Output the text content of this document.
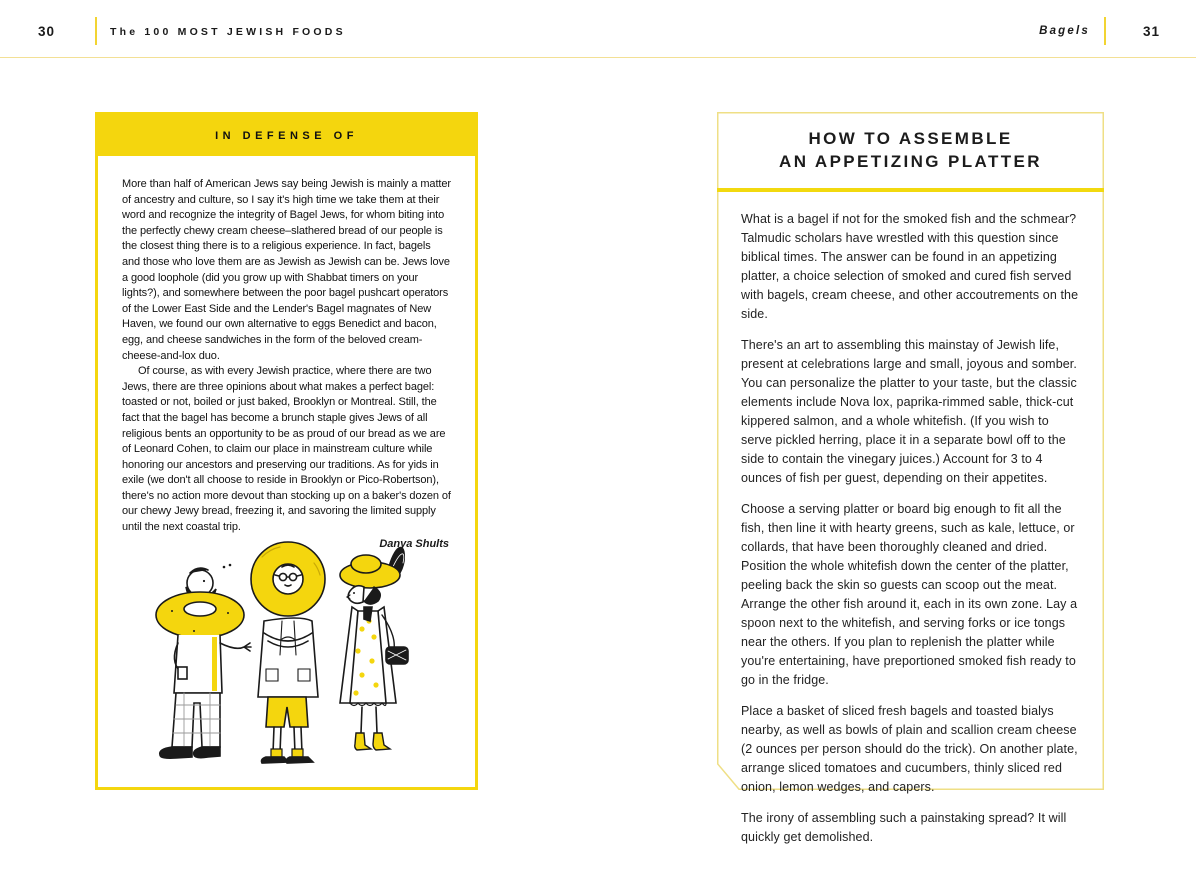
30	The 100 MOST JEWISH FOODS	Bagels	31
IN DEFENSE OF

More than half of American Jews say being Jewish is mainly a matter of ancestry and culture, so I say it's high time we take them at their word and recognize the integrity of Bagel Jews, for whom biting into the perfectly chewy cream cheese–slathered bread of our people is the closest thing there is to a religious experience. In fact, bagels and those who love them are as Jewish as Jewish can be. Jews love a good loophole (did you grow up with Shabbat timers on your lights?), and somewhere between the poor bagel pushcart operators of the Lower East Side and the Lender's Bagel magnates of New Haven, we found our own alternative to eggs Benedict and bacon, egg, and cheese sandwiches in the form of the beloved cream-cheese-and-lox duo.

Of course, as with every Jewish practice, where there are two Jews, there are three opinions about what makes a perfect bagel: toasted or not, boiled or just baked, Brooklyn or Montreal. Still, the fact that the bagel has become a brunch staple gives Jews of all religious bents an opportunity to be as proud of our bread as we are of Leonard Cohen, to claim our place in mainstream culture while honoring our ancestors and preserving our traditions. As for yids in exile (we don't all choose to reside in Brooklyn or Pico-Robertson), there's no action more devout than stocking up on a baker's dozen of our chewy Jewy bread, freezing it, and savoring the limited supply until the next coastal trip.

Danya Shults
HOW TO ASSEMBLE
AN APPETIZING PLATTER

What is a bagel if not for the smoked fish and the schmear? Talmudic scholars have wrestled with this question since biblical times. The answer can be found in an appetizing platter, a choice selection of smoked and cured fish served with bagels, cream cheese, and other accoutrements on the side.

There's an art to assembling this mainstay of Jewish life, present at celebrations large and small, joyous and somber. You can personalize the platter to your taste, but the classic elements include Nova lox, paprika-rimmed sable, thick-cut kippered salmon, and a whole whitefish. (If you wish to serve pickled herring, place it in a separate bowl off to the side to contain the vinegary juices.) Account for 3 to 4 ounces of fish per guest, depending on their appetites.

Choose a serving platter or board big enough to fit all the fish, then line it with hearty greens, such as kale, lettuce, or collards, that have been thoroughly cleaned and dried. Position the whole whitefish down the center of the platter, peeling back the skin so guests can scoop out the meat. Arrange the other fish around it, each in its own zone. Lay a spoon next to the whitefish, and serving forks or ice tongs near the others. If you plan to replenish the platter while you're entertaining, have preportioned smoked fish ready to go in the fridge.

Place a basket of sliced fresh bagels and toasted bialys nearby, as well as bowls of plain and scallion cream cheese (2 ounces per person should do the trick). On another plate, arrange sliced tomatoes and cucumbers, thinly sliced red onion, lemon wedges, and capers.

The irony of assembling such a painstaking spread? It will quickly get demolished.
